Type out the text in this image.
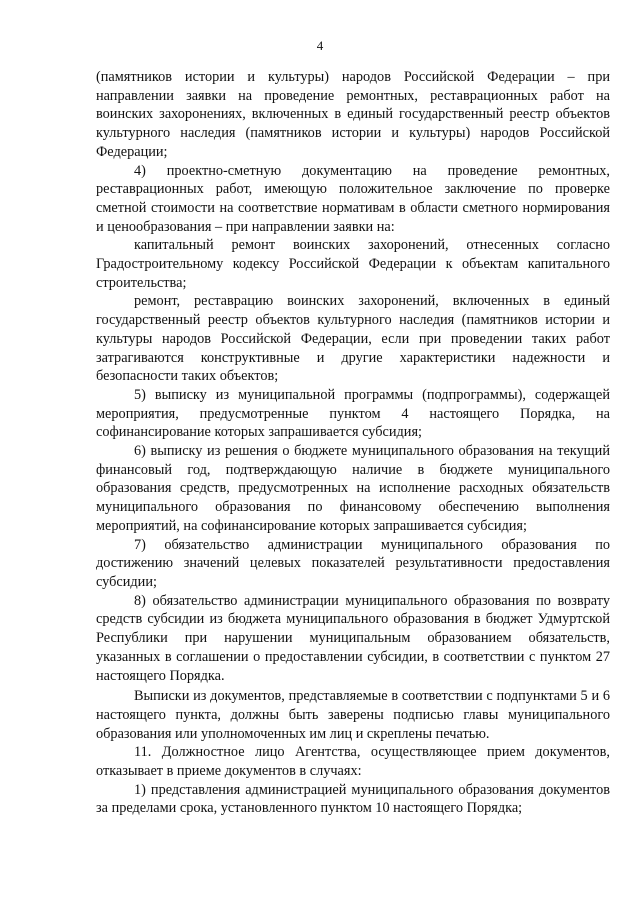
4

(памятников истории и культуры) народов Российской Федерации – при направлении заявки на проведение ремонтных, реставрационных работ на воинских захоронениях, включенных в единый государственный реестр объектов культурного наследия (памятников истории и культуры) народов Российской Федерации;

4) проектно-сметную документацию на проведение ремонтных, реставрационных работ, имеющую положительное заключение по проверке сметной стоимости на соответствие нормативам в области сметного нормирования и ценообразования – при направлении заявки на:

капитальный ремонт воинских захоронений, отнесенных согласно Градостроительному кодексу Российской Федерации к объектам капитального строительства;

ремонт, реставрацию воинских захоронений, включенных в единый государственный реестр объектов культурного наследия (памятников истории и культуры народов Российской Федерации, если при проведении таких работ затрагиваются конструктивные и другие характеристики надежности и безопасности таких объектов;

5) выписку из муниципальной программы (подпрограммы), содержащей мероприятия, предусмотренные пунктом 4 настоящего Порядка, на софинансирование которых запрашивается субсидия;

6) выписку из решения о бюджете муниципального образования на текущий финансовый год, подтверждающую наличие в бюджете муниципального образования средств, предусмотренных на исполнение расходных обязательств муниципального образования по финансовому обеспечению выполнения мероприятий, на софинансирование которых запрашивается субсидия;

7) обязательство администрации муниципального образования по достижению значений целевых показателей результативности предоставления субсидии;

8) обязательство администрации муниципального образования по возврату средств субсидии из бюджета муниципального образования в бюджет Удмуртской Республики при нарушении муниципальным образованием обязательств, указанных в соглашении о предоставлении субсидии, в соответствии с пунктом 27 настоящего Порядка.

Выписки из документов, представляемые в соответствии с подпунктами 5 и 6 настоящего пункта, должны быть заверены подписью главы муниципального образования или уполномоченных им лиц и скреплены печатью.

11. Должностное лицо Агентства, осуществляющее прием документов, отказывает в приеме документов в случаях:

1) представления администрацией муниципального образования документов за пределами срока, установленного пунктом 10 настоящего Порядка;
